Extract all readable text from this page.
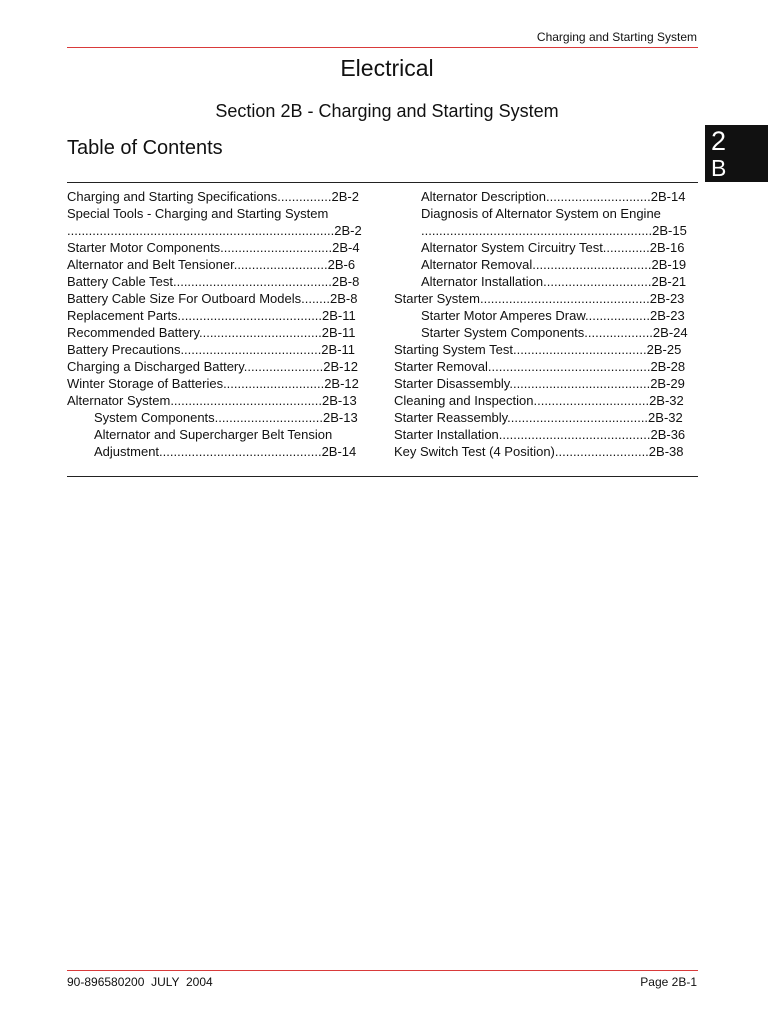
Charging and Starting System
Electrical
Section 2B - Charging and Starting System
Table of Contents	2
B
Charging and Starting Specifications...............2B-2
Special Tools - Charging and Starting System
..........................................................................2B-2
Starter Motor Components...............................2B-4
Alternator and Belt Tensioner..........................2B-6
Battery Cable Test............................................2B-8
Battery Cable Size For Outboard Models........2B-8
Replacement Parts........................................2B-11
Recommended Battery..................................2B-11
Battery Precautions.......................................2B-11
Charging a Discharged Battery......................2B-12
Winter Storage of Batteries............................2B-12
Alternator System..........................................2B-13
System Components..............................2B-13
Alternator and Supercharger Belt Tension
Adjustment.............................................2B-14
Alternator Description.............................2B-14
Diagnosis of Alternator System on Engine
................................................................2B-15
Alternator System Circuitry Test.............2B-16
Alternator Removal.................................2B-19
Alternator Installation..............................2B-21
Starter System...............................................2B-23
Starter Motor Amperes Draw..................2B-23
Starter System Components...................2B-24
Starting System Test.....................................2B-25
Starter Removal.............................................2B-28
Starter Disassembly.......................................2B-29
Cleaning and Inspection................................2B-32
Starter Reassembly.......................................2B-32
Starter Installation..........................................2B-36
Key Switch Test (4 Position)..........................2B-38
90-896580200  JULY  2004	Page 2B-1
